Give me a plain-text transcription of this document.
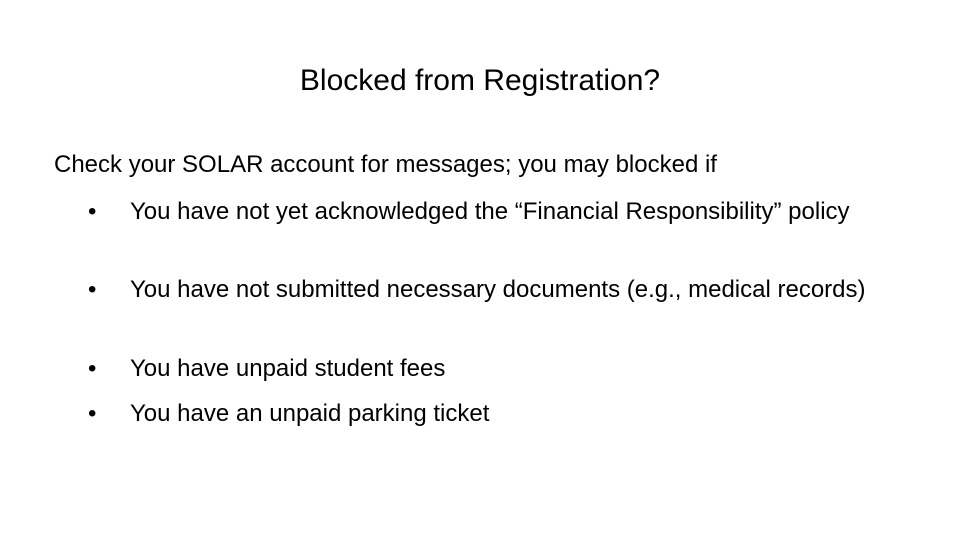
Blocked from Registration?
Check your SOLAR account for messages; you may blocked if
•	You have not yet acknowledged the “Financial Responsibility” policy
•	You have not submitted necessary documents (e.g., medical records)
•	You have unpaid student fees
•	You have an unpaid parking ticket
